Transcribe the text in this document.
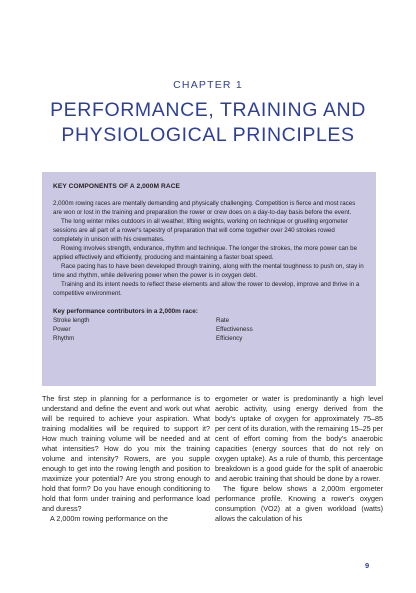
CHAPTER 1
PERFORMANCE, TRAINING AND
PHYSIOLOGICAL PRINCIPLES
KEY COMPONENTS OF A 2,000M RACE

2,000m rowing races are mentally demanding and physically challenging. Competition is fierce and most races are won or lost in the training and preparation the rower or crew does on a day-to-day basis before the event.

The long winter miles outdoors in all weather, lifting weights, working on technique or gruelling ergometer sessions are all part of a rower's tapestry of preparation that will come together over 240 strokes rowed completely in unison with his crewmates.

Rowing involves strength, endurance, rhythm and technique. The longer the strokes, the more power can be applied effectively and efficiently, producing and maintaining a faster boat speed.

Race pacing has to have been developed through training, along with the mental toughness to push on, stay in time and rhythm, while delivering power when the power is in oxygen debt.

Training and its intent needs to reflect these elements and allow the rower to develop, improve and thrive in a competitive environment.

Key performance contributors in a 2,000m race:
Stroke length	Rate
Power	Effectiveness
Rhythm	Efficiency

The first step in planning for a performance is to understand and define the event and work out what will be required to achieve your aspiration. What training modalities will be required to support it? How much training volume will be needed and at what intensities? How do you mix the training volume and intensity? Rowers, are you supple enough to get into the rowing length and position to maximize your potential? Are you strong enough to hold that form? Do you have enough conditioning to hold that form under training and performance load and duress?

A 2,000m rowing performance on the

ergometer or water is predominantly a high level aerobic activity, using energy derived from the body's uptake of oxygen for approximately 75–85 per cent of its duration, with the remaining 15–25 per cent of effort coming from the body's anaerobic capacities (energy sources that do not rely on oxygen uptake). As a rule of thumb, this percentage breakdown is a good guide for the split of anaerobic and aerobic training that should be done by a rower.

The figure below shows a 2,000m ergometer performance profile. Knowing a rower's oxygen consumption (VO2) at a given workload (watts) allows the calculation of his

9
